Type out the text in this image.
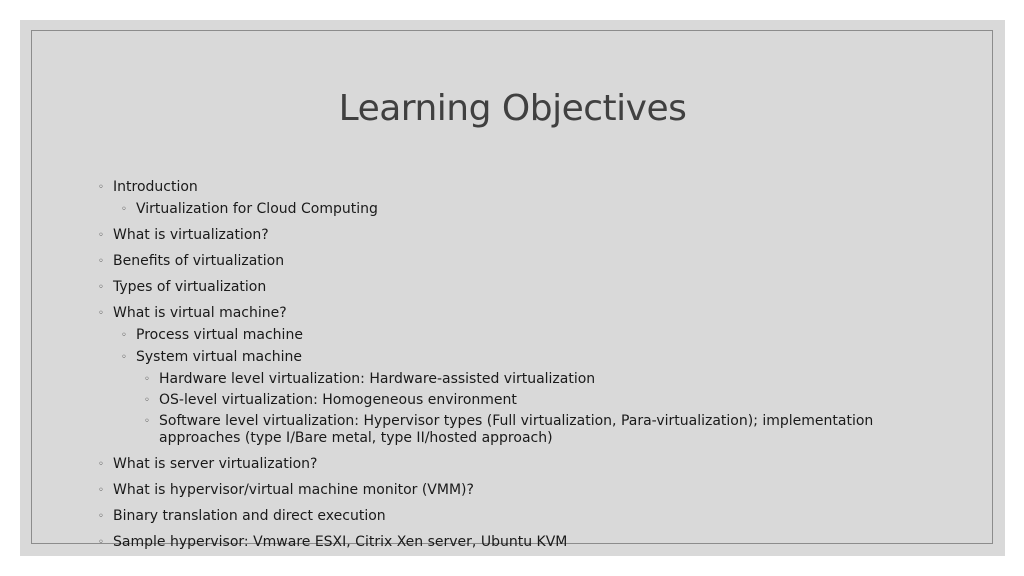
Learning Objectives
◦ Introduction
◦ Virtualization for Cloud Computing
◦ What is virtualization?
◦ Benefits of virtualization
◦ Types of virtualization
◦ What is virtual machine?
◦ Process virtual machine
◦ System virtual machine
◦ Hardware level virtualization: Hardware-assisted virtualization
◦ OS-level virtualization: Homogeneous environment
◦ Software level virtualization: Hypervisor types (Full virtualization, Para-virtualization); implementation approaches (type I/Bare metal, type II/hosted approach)
◦ What is server virtualization?
◦ What is hypervisor/virtual machine monitor (VMM)?
◦ Binary translation and direct execution
◦ Sample hypervisor: Vmware ESXI, Citrix Xen server, Ubuntu KVM
